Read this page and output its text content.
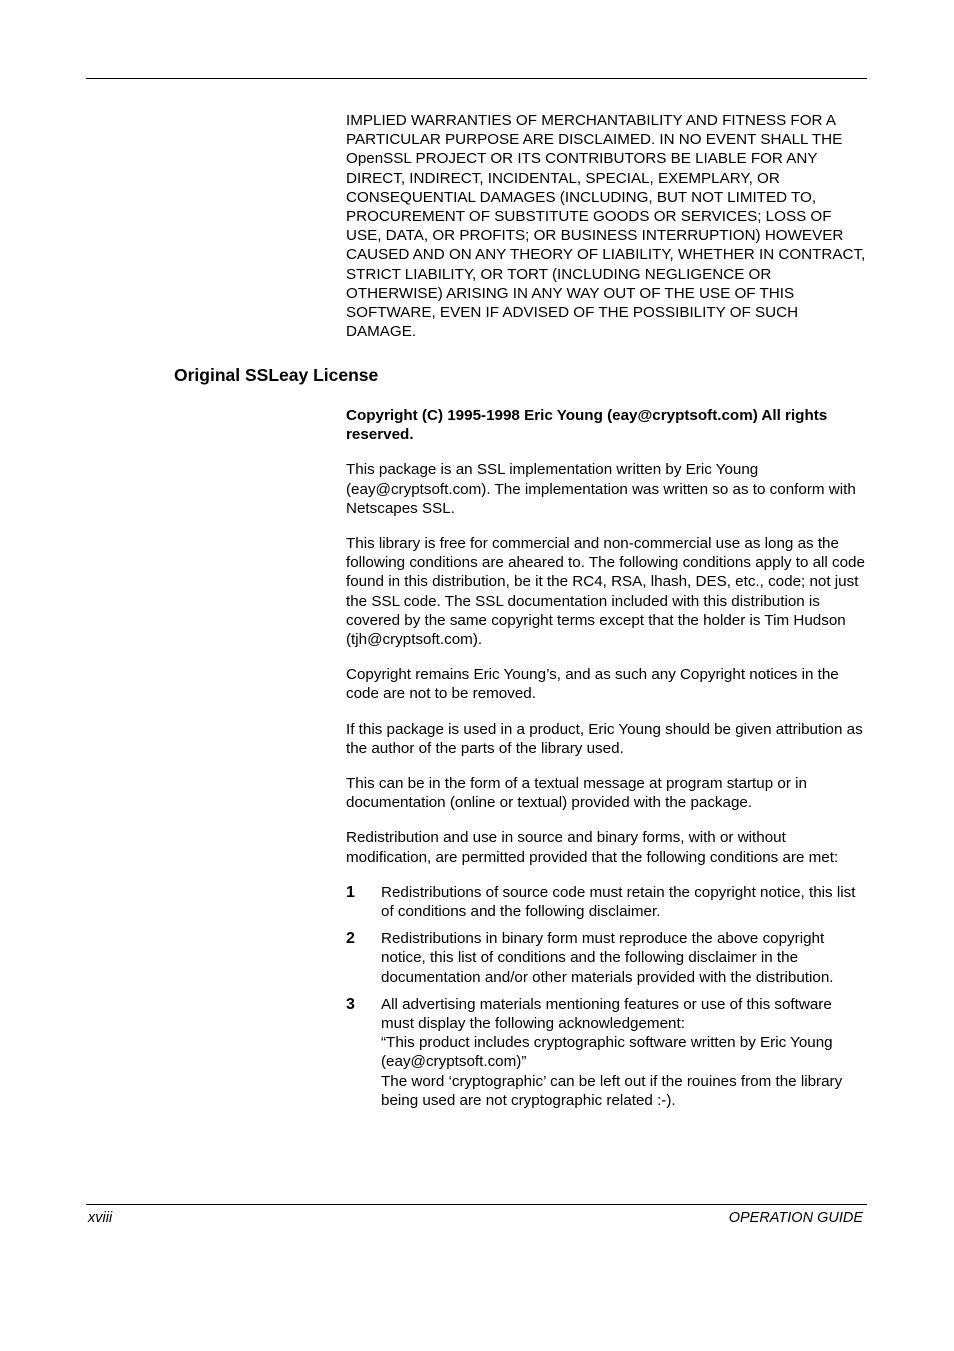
IMPLIED WARRANTIES OF MERCHANTABILITY AND FITNESS FOR A PARTICULAR PURPOSE ARE DISCLAIMED. IN NO EVENT SHALL THE OpenSSL PROJECT OR ITS CONTRIBUTORS BE LIABLE FOR ANY DIRECT, INDIRECT, INCIDENTAL, SPECIAL, EXEMPLARY, OR CONSEQUENTIAL DAMAGES (INCLUDING, BUT NOT LIMITED TO, PROCUREMENT OF SUBSTITUTE GOODS OR SERVICES; LOSS OF USE, DATA, OR PROFITS; OR BUSINESS INTERRUPTION) HOWEVER CAUSED AND ON ANY THEORY OF LIABILITY, WHETHER IN CONTRACT, STRICT LIABILITY, OR TORT (INCLUDING NEGLIGENCE OR OTHERWISE) ARISING IN ANY WAY OUT OF THE USE OF THIS SOFTWARE, EVEN IF ADVISED OF THE POSSIBILITY OF SUCH DAMAGE.

Original SSLeay License

Copyright (C) 1995-1998 Eric Young (eay@cryptsoft.com) All rights reserved.

This package is an SSL implementation written by Eric Young (eay@cryptsoft.com). The implementation was written so as to conform with Netscapes SSL.

This library is free for commercial and non-commercial use as long as the following conditions are aheared to. The following conditions apply to all code found in this distribution, be it the RC4, RSA, lhash, DES, etc., code; not just the SSL code. The SSL documentation included with this distribution is covered by the same copyright terms except that the holder is Tim Hudson (tjh@cryptsoft.com).

Copyright remains Eric Young’s, and as such any Copyright notices in the code are not to be removed.

If this package is used in a product, Eric Young should be given attribution as the author of the parts of the library used.

This can be in the form of a textual message at program startup or in documentation (online or textual) provided with the package.

Redistribution and use in source and binary forms, with or without modification, are permitted provided that the following conditions are met:

1 Redistributions of source code must retain the copyright notice, this list of conditions and the following disclaimer.
2 Redistributions in binary form must reproduce the above copyright notice, this list of conditions and the following disclaimer in the documentation and/or other materials provided with the distribution.
3 All advertising materials mentioning features or use of this software must display the following acknowledgement:
“This product includes cryptographic software written by Eric Young (eay@cryptsoft.com)”
The word ‘cryptographic’ can be left out if the rouines from the library being used are not cryptographic related :-).
xviii	OPERATION GUIDE
